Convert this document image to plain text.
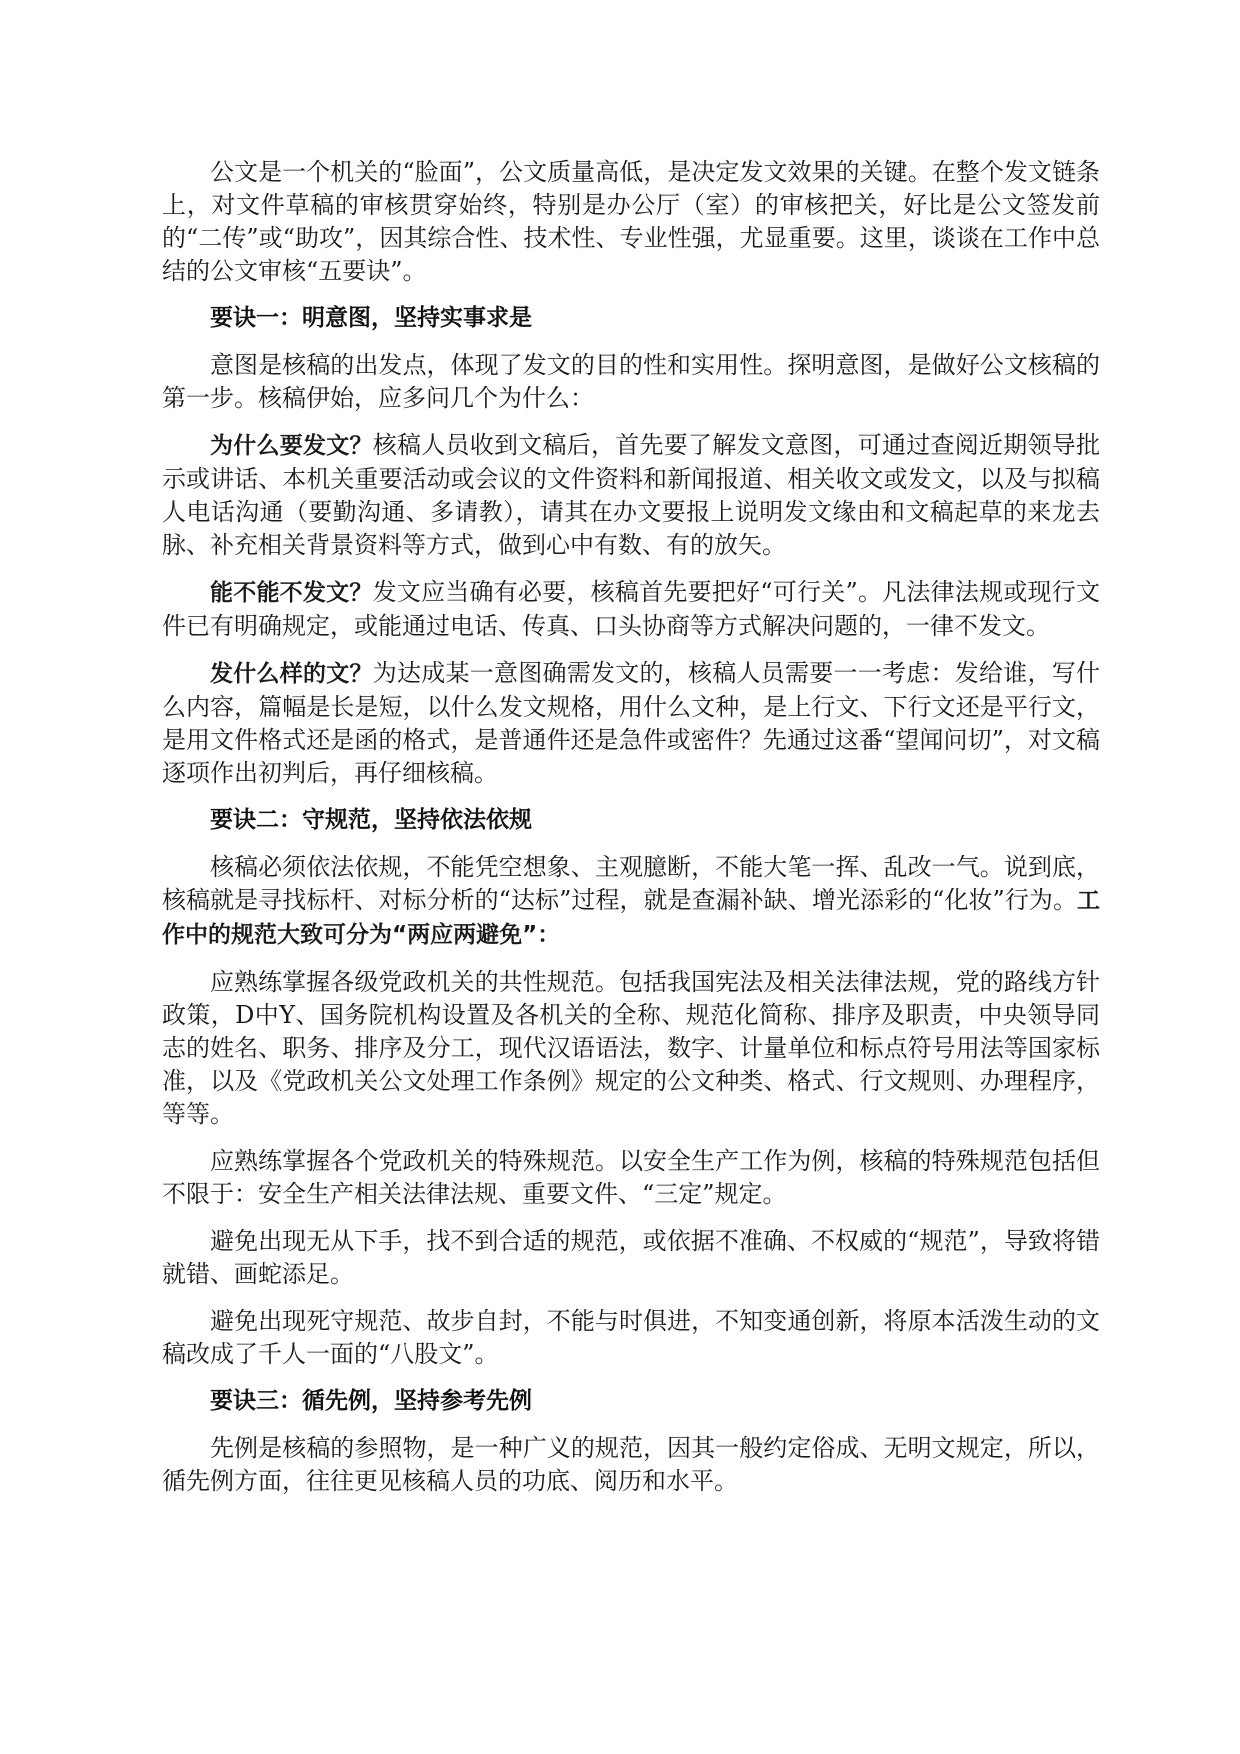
公文是一个机关的“脸面”，公文质量高低，是决定发文效果的关键。在整个发文链条上，对文件草稿的审核贯穿始终，特别是办公厅（室）的审核把关，好比是公文签发前的“二传”或“助攻”，因其综合性、技术性、专业性强，尤显重要。这里，谈谈在工作中总结的公文审核“五要诀”。

要诀一：明意图，坚持实事求是

意图是核稿的出发点，体现了发文的目的性和实用性。探明意图，是做好公文核稿的第一步。核稿伊始，应多问几个为什么：

为什么要发文？核稿人员收到文稿后，首先要了解发文意图，可通过查阅近期领导批示或讲话、本机关重要活动或会议的文件资料和新闻报道、相关收文或发文，以及与拟稿人电话沟通（要勤沟通、多请教），请其在办文要报上说明发文缘由和文稿起草的来龙去脉、补充相关背景资料等方式，做到心中有数、有的放矢。

能不能不发文？发文应当确有必要，核稿首先要把好“可行关”。凡法律法规或现行文件已有明确规定，或能通过电话、传真、口头协商等方式解决问题的，一律不发文。

发什么样的文？为达成某一意图确需发文的，核稿人员需要一一考虑：发给谁，写什么内容，篇幅是长是短，以什么发文规格，用什么文种，是上行文、下行文还是平行文，是用文件格式还是函的格式，是普通件还是急件或密件？先通过这番“望闻问切”，对文稿逐项作出初判后，再仔细核稿。

要诀二：守规范，坚持依法依规

核稿必须依法依规，不能凭空想象、主观臆断，不能大笔一挥、乱改一气。说到底，核稿就是寻找标杆、对标分析的“达标”过程，就是查漏补缺、增光添彩的“化妆”行为。工作中的规范大致可分为“两应两避免”：

应熟练掌握各级党政机关的共性规范。包括我国宪法及相关法律法规，党的路线方针政策，D中Y、国务院机构设置及各机关的全称、规范化简称、排序及职责，中央领导同志的姓名、职务、排序及分工，现代汉语语法，数字、计量单位和标点符号用法等国家标准，以及《党政机关公文处理工作条例》规定的公文种类、格式、行文规则、办理程序，等等。

应熟练掌握各个党政机关的特殊规范。以安全生产工作为例，核稿的特殊规范包括但不限于：安全生产相关法律法规、重要文件、“三定”规定。

避免出现无从下手，找不到合适的规范，或依据不准确、不权威的“规范”，导致将错就错、画蛇添足。

避免出现死守规范、故步自封，不能与时俱进，不知变通创新，将原本活泼生动的文稿改成了千人一面的“八股文”。

要诀三：循先例，坚持参考先例

先例是核稿的参照物，是一种广义的规范，因其一般约定俗成、无明文规定，所以，循先例方面，往往更见核稿人员的功底、阅历和水平。
